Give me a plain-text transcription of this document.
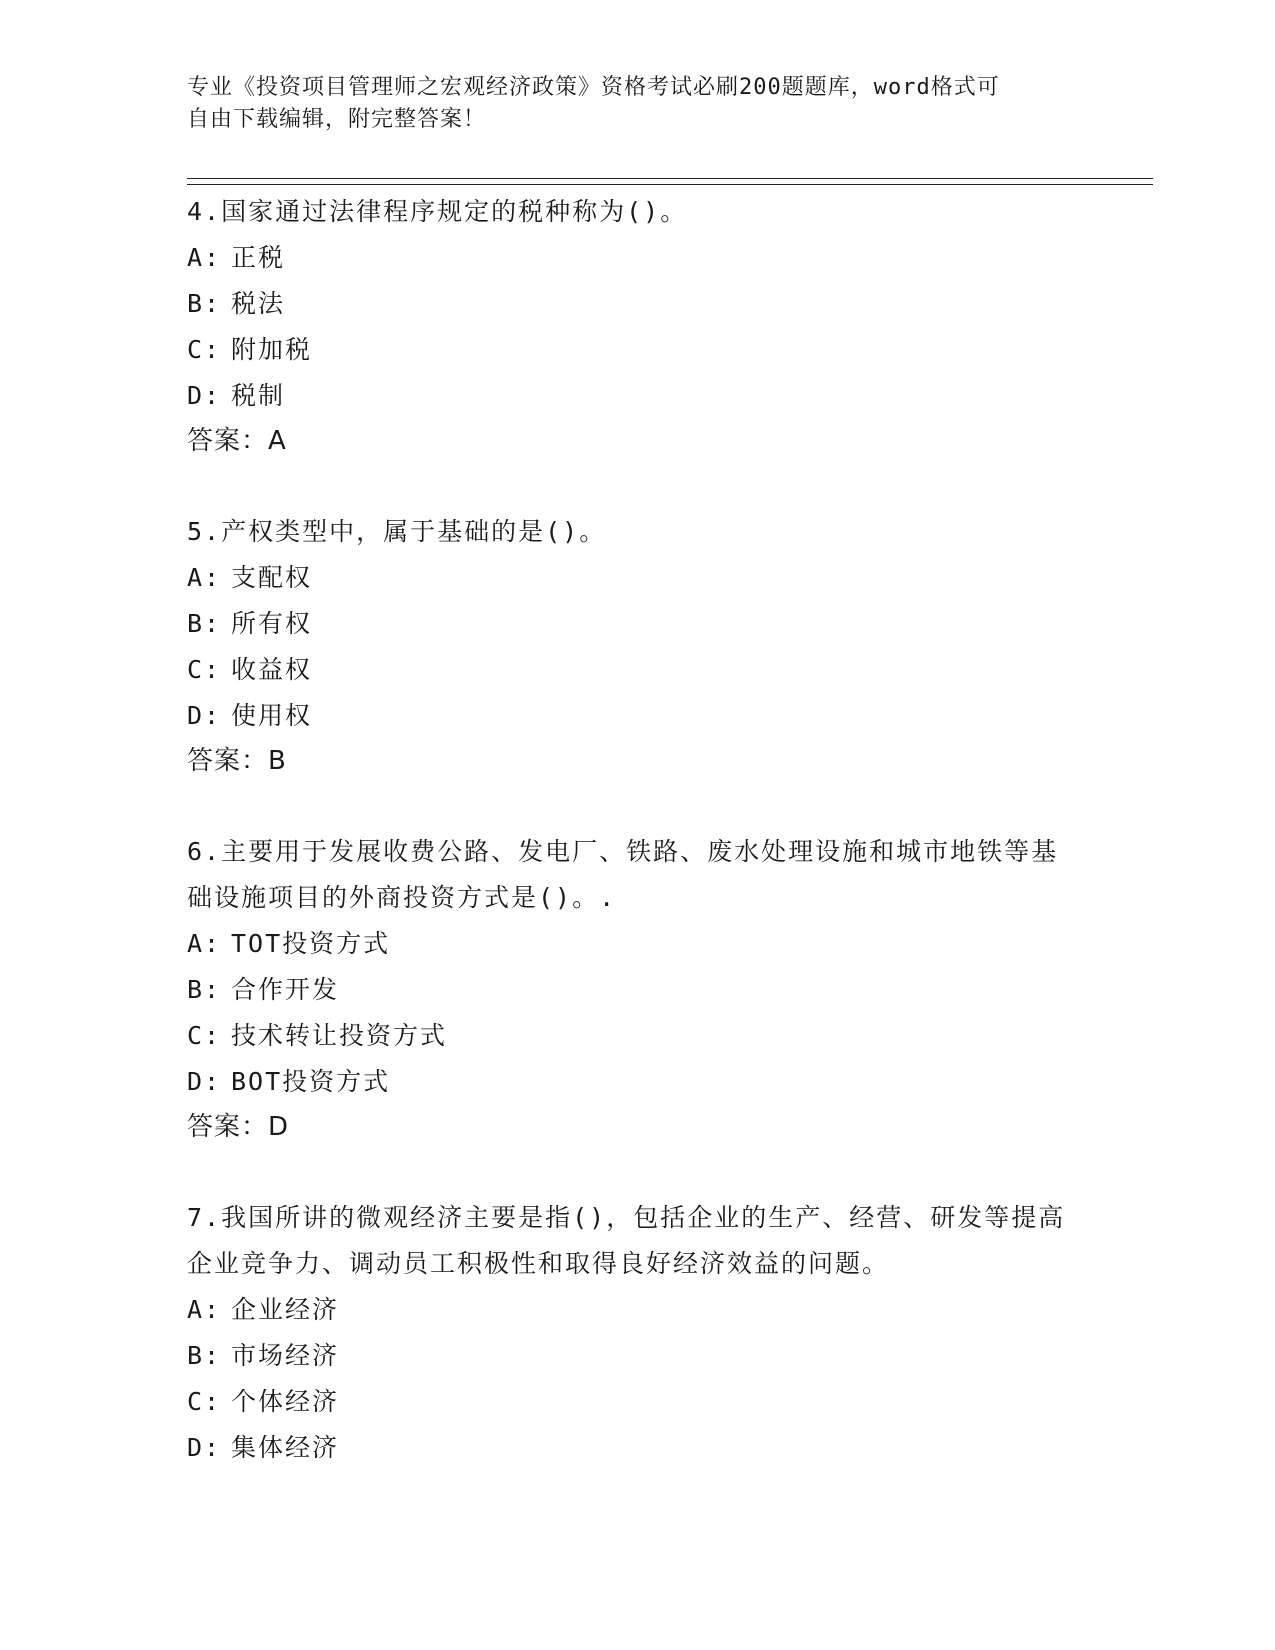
专业《投资项目管理师之宏观经济政策》资格考试必刷200题题库，word格式可
自由下载编辑，附完整答案！
4.国家通过法律程序规定的税种称为()。
A: 正税
B: 税法
C: 附加税
D: 税制
答案：A
5.产权类型中，属于基础的是()。
A: 支配权
B: 所有权
C: 收益权
D: 使用权
答案：B
6.主要用于发展收费公路、发电厂、铁路、废水处理设施和城市地铁等基础设施项目的外商投资方式是()。.
A: TOT投资方式
B: 合作开发
C: 技术转让投资方式
D: BOT投资方式
答案：D
7.我国所讲的微观经济主要是指()，包括企业的生产、经营、研发等提高企业竞争力、调动员工积极性和取得良好经济效益的问题。
A: 企业经济
B: 市场经济
C: 个体经济
D: 集体经济
